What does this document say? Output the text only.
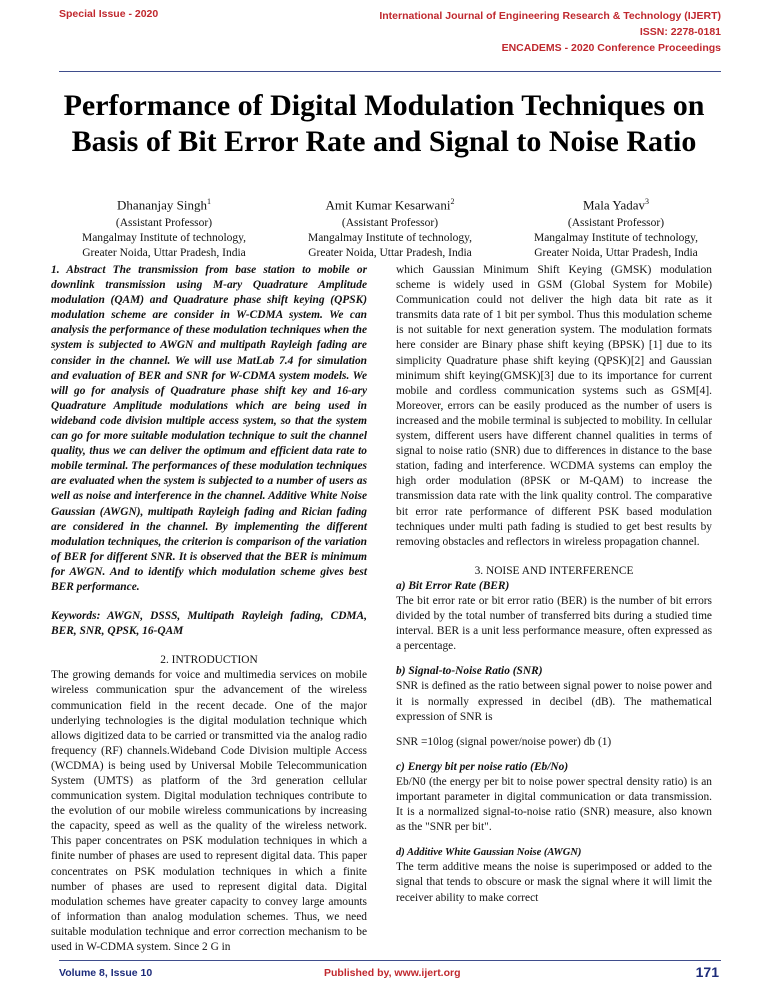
Special Issue - 2020	International Journal of Engineering Research & Technology (IJERT)
ISSN: 2278-0181
ENCADEMS - 2020 Conference Proceedings
Performance of Digital Modulation Techniques on Basis of Bit Error Rate and Signal to Noise Ratio
Dhananjay Singh$^1$
(Assistant Professor)
Mangalmay Institute of technology,
Greater Noida, Uttar Pradesh, India
Amit Kumar Kesarwani$^2$
(Assistant Professor)
Mangalmay Institute of technology,
Greater Noida, Uttar Pradesh, India
Mala Yadav$^3$
(Assistant Professor)
Mangalmay Institute of technology,
Greater Noida, Uttar Pradesh, India

1. Abstract The transmission from base station to mobile or downlink transmission using M-ary Quadrature Amplitude modulation (QAM) and Quadrature phase shift keying (QPSK) modulation scheme are consider in W-CDMA system. We can analysis the performance of these modulation techniques when the system is subjected to AWGN and multipath Rayleigh fading are consider in the channel. We will use MatLab 7.4 for simulation and evaluation of BER and SNR for W-CDMA system models. We will go for analysis of Quadrature phase shift key and 16-ary Quadrature Amplitude modulations which are being used in wideband code division multiple access system, so that the system can go for more suitable modulation technique to suit the channel quality, thus we can deliver the optimum and efficient data rate to mobile terminal. The performances of these modulation techniques are evaluated when the system is subjected to a number of users as well as noise and interference in the channel. Additive White Noise Gaussian (AWGN), multipath Rayleigh fading and Rician fading are considered in the channel. By implementing the different modulation techniques, the criterion is comparison of the variation of BER for different SNR. It is observed that the BER is minimum for AWGN. And to identify which modulation scheme gives best BER performance.

Keywords: AWGN, DSSS, Multipath Rayleigh fading, CDMA, BER, SNR, QPSK, 16-QAM

2. INTRODUCTION

The growing demands for voice and multimedia services on mobile wireless communication spur the advancement of the wireless communication field in the recent decade. One of the major underlying technologies is the digital modulation technique which allows digitized data to be carried or transmitted via the analog radio frequency (RF) channels.Wideband Code Division multiple Access (WCDMA) is being used by Universal Mobile Telecommunication System (UMTS) as platform of the 3rd generation cellular communication system. Digital modulation techniques contribute to the evolution of our mobile wireless communications by increasing the capacity, speed as well as the quality of the wireless network. This paper concentrates on PSK modulation techniques in which a finite number of phases are used to represent digital data. This paper concentrates on PSK modulation techniques in which a finite number of phases are used to represent digital data. Digital modulation schemes have greater capacity to convey large amounts of information than analog modulation schemes. Thus, we need suitable modulation technique and error correction mechanism to be used in W-CDMA system. Since 2 G in

which Gaussian Minimum Shift Keying (GMSK) modulation scheme is widely used in GSM (Global System for Mobile) Communication could not deliver the high data bit rate as it transmits data rate of 1 bit per symbol. Thus this modulation scheme is not suitable for next generation system. The modulation formats here consider are Binary phase shift keying (BPSK) [1] due to its simplicity Quadrature phase shift keying (QPSK)[2] and Gaussian minimum shift keying(GMSK)[3] due to its importance for current mobile and cordless communication systems such as GSM[4]. Moreover, errors can be easily produced as the number of users is increased and the mobile terminal is subjected to mobility. In cellular system, different users have different channel qualities in terms of signal to noise ratio (SNR) due to differences in distance to the base station, fading and interference. WCDMA systems can employ the high order modulation (8PSK or M-QAM) to increase the transmission data rate with the link quality control. The comparative bit error rate performance of different PSK based modulation techniques under multi path fading is studied to get best results by removing obstacles and reflectors in wireless propagation channel.

3. NOISE AND INTERFERENCE

a) Bit Error Rate (BER)

The bit error rate or bit error ratio (BER) is the number of bit errors divided by the total number of transferred bits during a studied time interval. BER is a unit less performance measure, often expressed as a percentage.

b) Signal-to-Noise Ratio (SNR)

SNR is defined as the ratio between signal power to noise power and it is normally expressed in decibel (dB). The mathematical expression of SNR is

SNR =10log (signal power/noise power) db (1)

c) Energy bit per noise ratio (Eb/No)

Eb/N0 (the energy per bit to noise power spectral density ratio) is an important parameter in digital communication or data transmission. It is a normalized signal-to-noise ratio (SNR) measure, also known as the "SNR per bit".

d) Additive White Gaussian Noise (AWGN)

The term additive means the noise is superimposed or added to the signal that tends to obscure or mask the signal where it will limit the receiver ability to make correct

Volume 8, Issue 10	Published by, www.ijert.org	171
